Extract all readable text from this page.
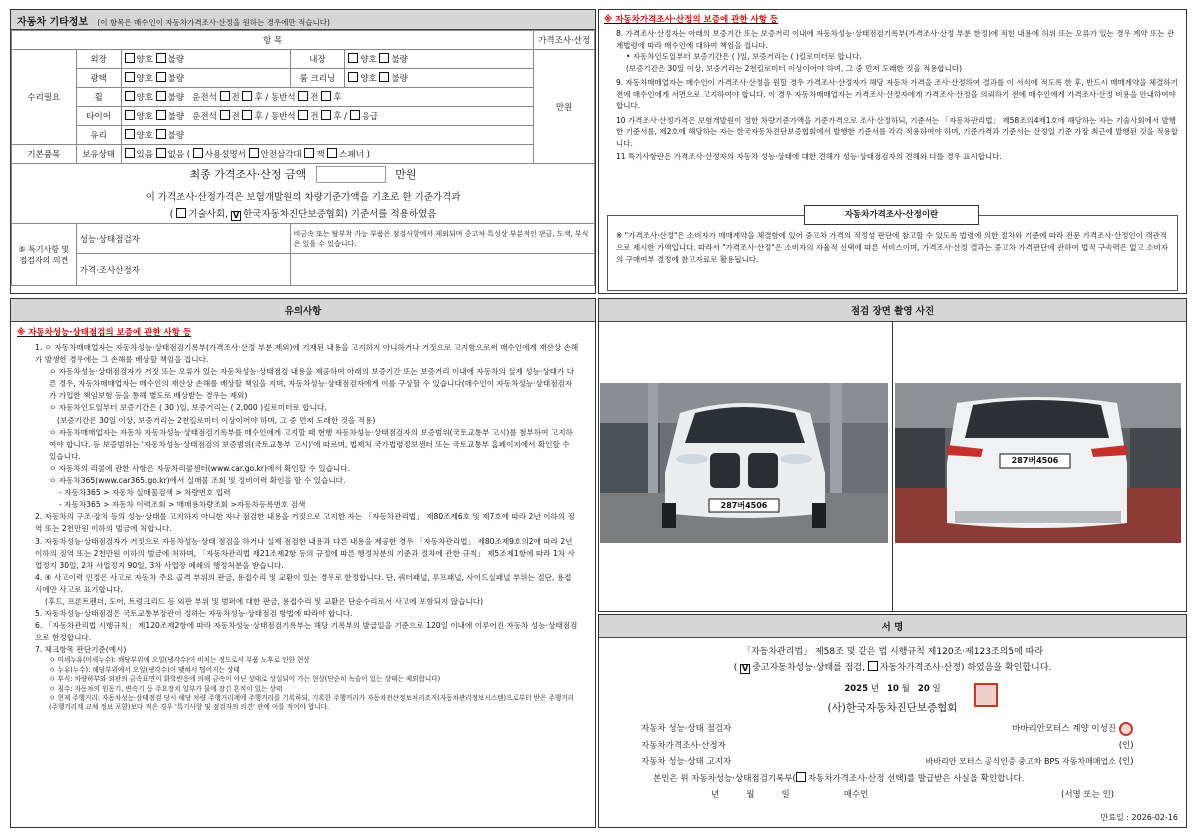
자동차 기타정보 (이 항목은 매수인이 자동차가격조사·산정을 원하는 경우에만 적습니다)
항 목					가격조사·산정
수리필요	외장	양호 불량	내장	양호 불량	만원
	광택	양호 불량	룸 크리닝	양호 불량	
	휠	양호 불량 운전석 전 후 / 동반석 전 후			
	타이어	양호 불량 운전석 전 후 / 동반석 전 후 / 응급			
	유리	양호 불량			
기본품목	보유상태	있음 없음 ( 사용설명서 안전삼각대 잭 스패너 )			

최종 가격조사·산정 금액 만원
이 가격조사·산정가격은 보험개발원의 차량기준가액을 기초로 한 기준가격과
( 기술사회, V 한국자동차진단보증협회) 기준서를 적용하였음					

⑤ 특기사항 및 점검자의 의견	성능·상태점검자		비금속 또는 탈부착 가능 부품은 점검사항에서 제외되며 중고차 특성상 부분적인 판금, 도색, 부식은 있을 수 있습니다.		
	가격·조사산정자				
※ 자동차가격조사·산정의 보증에 관한 사항 등

8. 가격조사·산정자는 아래의 보증기간 또는 보증거리 이내에 자동차성능·상태점검기록부(가격조사·산정 부분 한정)에 적힌 내용에 허위 또는 오류가 있는 경우 계약 또는 관계법령에 따라 매수인에 대하여 책임을 집니다.

• 자동차인도일부터 보증기간은 ( )일, 보증거리는 ( )킬로미터로 합니다.

(보증기간은 30일 이상, 보증거리는 2천킬로미터 이상이어야 하며, 그 중 먼저 도래한 것을 적용합니다)

9. 자동차매매업자는 매수인이 가격조사·산정을 원할 경우 가격조사·산정자가 해당 자동차 가격을 조사·산정하여 결과를 이 서식에 적도록 한 후, 반드시 매매계약을 체결하기 전에 매수인에게 서면으로 고지하여야 합니다. 이 경우 자동차매매업자는 가격조사·산정자에게 가격조사·산정을 의뢰하기 전에 매수인에게 가격조사·산정 비용을 안내하여야 합니다.

10 가격조사·산정가격은 보험개발원이 정한 차량기준가액을 기준가격으로 조사·산정하되, 기준서는 「자동차관리법」 제58조의4제1호에 해당하는 자는 기술사회에서 발행한 기준서를, 제2호에 해당하는 자는 한국자동차진단보증협회에서 발행한 기준서를 각각 적용하여야 하며, 기준가격과 기준서는 산정일 기준 가장 최근에 발행된 것을 적용합니다.

11 특기사항란은 가격조사·산정자의 자동차 성능·상태에 대한 견해가 성능·상태점검자의 견해와 다를 경우 표시합니다.

자동차가격조사·산정이란

※ "가격조사·산정"은 소비자가 매매계약을 체결함에 있어 중고차 가격의 적정성 판단에 참고할 수 있도록 법령에 의한 절차와 기준에 따라 전문 가격조사·산정인이 객관적으로 제시한 가액입니다. 따라서 "가격조사·산정"은 소비자의 자율적 선택에 따른 서비스이며, 가격조사·산정 결과는 중고차 가격판단에 관하여 법적 구속력은 없고 소비자의 구매여부 결정에 참고자료로 활용됩니다.

유의사항
※ 자동차성능·상태점검의 보증에 관한 사항 등

1. ㅇ 자동차매매업자는 자동차성능·상태점검기록부(가격조사·산정 부분 제외)에 기재된 내용을 고지하지 아니하거나 거짓으로 고지함으로써 매수인에게 재산상 손해가 발생한 경우에는 그 손해를 배상할 책임을 집니다.

ㅇ 자동차성능·상태점검자가 거짓 또는 오류가 있는 자동차성능·상태점검 내용을 제공하여 아래의 보증기간 또는 보증거리 이내에 자동차의 실제 성능·상태가 다른 경우, 자동차매매업자는 매수인의 재산상 손해를 배상할 책임을 지며, 자동차성능·상태점검자에게 이를 구상할 수 있습니다(매수인이 자동차성능·상태점검자가 가입한 책임보험 등을 통해 별도로 배상받는 경우는 제외)

ㅇ 자동차인도일부터 보증기간은 ( 30 )일, 보증거리는 ( 2,000 )킬로미터로 합니다.

(보증기간은 30일 이상, 보증거리는 2천킬로미터 이상이어야 하며, 그 중 먼저 도래한 것을 적용)

ㅇ 자동차매매업자는 자동차 자동차성능·상태점검기록부를 매수인에게 고지할 때 현행 자동차성능·상태점검자의 보증범위(국토교통부 고시)를 첨부하여 고지하여야 합니다. 등 보증범위는 '자동차성능·상태점검의 보증범위(국토교통부 고시)'에 따르며, 법제처 국가법령정보센터 또는 국토교통부 홈페이지에서 확인할 수 있습니다.

ㅇ 자동차의 리콜에 관한 사항은 자동차리콜센터(www.car.go.kr)에서 확인할 수 있습니다.

ㅇ 자동차365(www.car365.go.kr)에서 실매물 조회 및 정비이력 확인을 할 수 있습니다.

- 자동차365 > 자동차 실매물검색 > 차량번호 입력

- 자동차365 > 자동차 이력조회 > 매매용차량조회 >자동차등록번호 검색

2. 자동차의 구조·장치 등의 성능·상태를 고지하지 아니한 자나 점검한 내용을 거짓으로 고지한 자는 「자동차관리법」 제80조제6호 및 제7호에 따라 2년 이하의 징역 또는 2천만원 이하의 벌금에 처합니다.

3. 자동차성능·상태점검자가 거짓으로 자동차성능·상태 점검을 하거나 실제 점검한 내용과 다른 내용을 제공한 경우 「자동차관리법」 제80조제9호의2에 따라 2년 이하의 징역 또는 2천만원 이하의 벌금에 처하며, 「자동차관리법 제21조제2항 등의 규정에 따른 행정처분의 기준과 절차에 관한 규칙」 제5조제1항에 따라 1차 사업정지 30일, 2차 사업정지 90일, 3차 사업장 폐쇄의 행정처분을 받습니다.

4. ④ 사고이력 인정은 사고로 자동차 주요 골격 부위의 판금, 용접수리 및 교환이 있는 경우로 한정합니다. 단, 쿼터패널, 루프패널, 사이드실패널 부위는 절단, 용접 시에만 사고로 표기합니다.

(후드, 프론트펜더, 도어, 트렁크리드 등 외판 부위 및 범퍼에 대한 판금, 용접수리 및 교환은 단순수리로서 사고에 포함되지 않습니다)

5. 자동차성능·상태점검은 국토교통부장관이 정하는 자동차성능·상태점검 방법에 따라야 합니다.

6. 「자동차관리법 시행규칙」 제120조제2항에 따라 자동차성능·상태점검기록부는 해당 기록부의 발급일을 기준으로 120일 이내에 이루어진 자동차 성능·상태점검으로 한정합니다.

7. 체크항목 판단기준(예시)

ㅇ 미세누유(미세누수): 해당부위에 오일(냉각수)이 비치는 정도로서 부품 노후로 인한 현상

ㅇ 누유(누수): 해당부위에서 오일(냉각수)이 맺혀서 떨어지는 상태

ㅇ 부식: 차량하부와 외판의 금속표면이 화학반응에 의해 금속이 아닌 상태로 상실되어 가는 현상(단순히 녹슬어 있는 상태는 제외합니다)

ㅇ 침수: 자동차의 원동기, 변속기 등 주요장치 일부가 물에 잠긴 흔적이 있는 상태

ㅇ 현재 주행거리: 자동차성능·상태점검 당시 해당 차량 주행거리계에 주행거리를 기록하되, 기록한 주행거리가 자동차전산정보처리조직(자동차관리정보시스템)으로부터 받은 주행거리(주행거리계 교체 정보 포함)보다 적은 경우 '특기사항 및 점검자의 의견' 란에 이를 적어야 합니다.

점검 장면 촬영 사진
287버4506
287버4506
서 명
「자동차관리법」 제58조 및 같은 법 시행규칙 제120조·제123조의5에 따라
( V 중고자동차성능·상태를 점검, 자동차가격조사·산정) 하였음을 확인합니다.
2025 년 10 월 20 일
(사)한국자동차진단보증협회
자동차 성능·상태 점검자	바바리안모터스 계양 이성진
자동차가격조사·산정자	(인)
자동차 성능·상태 고지자	바바리안 모터스 공식인증 중고차 BPS 자동차매매업소 (인)
본인은 위 자동차성능·상태점검기록부( 자동차가격조사·산정 선택)를 발급받은 사실을 확인합니다.
년          월          일                    매수인	(서명 또는 인)
만료일 : 2026-02-16
